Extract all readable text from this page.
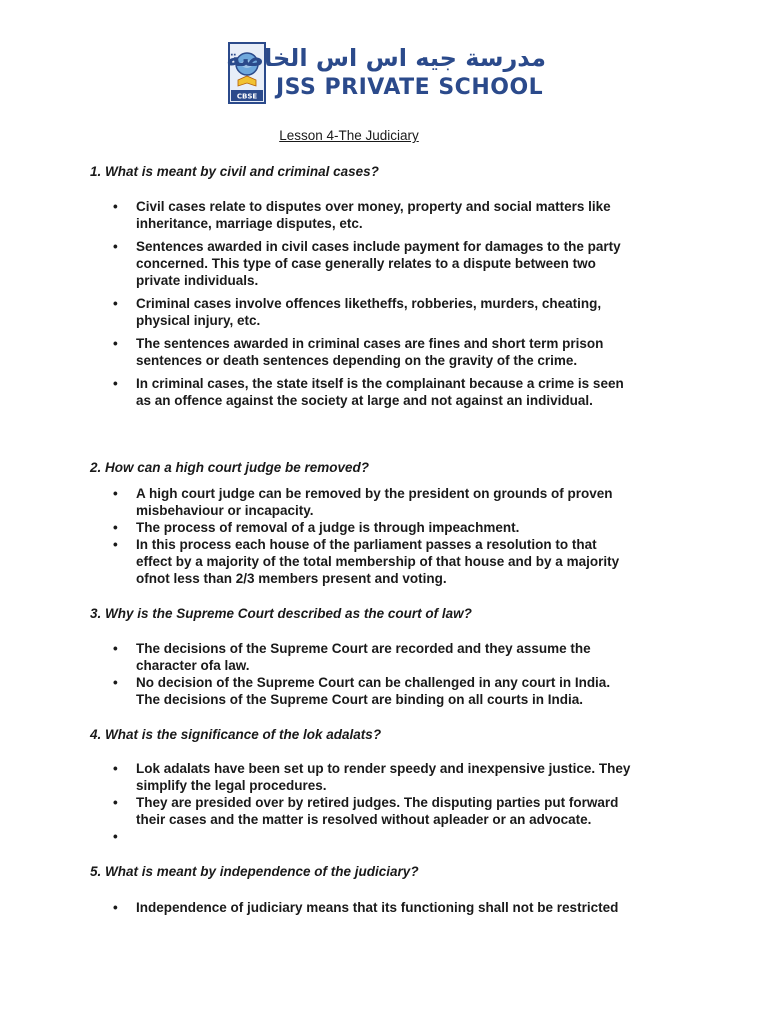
CBSE
مدرسة جيه اس اس الخاصة
JSS PRIVATE SCHOOL
Lesson 4-The Judiciary
1. What is meant by civil and criminal cases?
• Civil cases relate to disputes over money, property and social matters like inheritance, marriage disputes, etc.
• Sentences awarded in civil cases include payment for damages to the party concerned. This type of case generally relates to a dispute between two private individuals.
• Criminal cases involve offences liketheffs, robberies, murders, cheating, physical injury, etc.
• The sentences awarded in criminal cases are fines and short term prison sentences or death sentences depending on the gravity of the crime.
• In criminal cases, the state itself is the complainant because a crime is seen as an offence against the society at large and not against an individual.
2. How can a high court judge be removed?
• A high court judge can be removed by the president on grounds of proven misbehaviour or incapacity.
• The process of removal of a judge is through impeachment.
• In this process each house of the parliament passes a resolution to that effect by a majority of the total membership of that house and by a majority ofnot less than 2/3 members present and voting.
3. Why is the Supreme Court described as the court of law?
• The decisions of the Supreme Court are recorded and they assume the character ofa law.
• No decision of the Supreme Court can be challenged in any court in India. The decisions of the Supreme Court are binding on all courts in India.
4. What is the significance of the lok adalats?
• Lok adalats have been set up to render speedy and inexpensive justice. They simplify the legal procedures.
• They are presided over by retired judges. The disputing parties put forward their cases and the matter is resolved without apleader or an advocate.
•
5. What is meant by independence of the judiciary?
• Independence of judiciary means that its functioning shall not be restricted
